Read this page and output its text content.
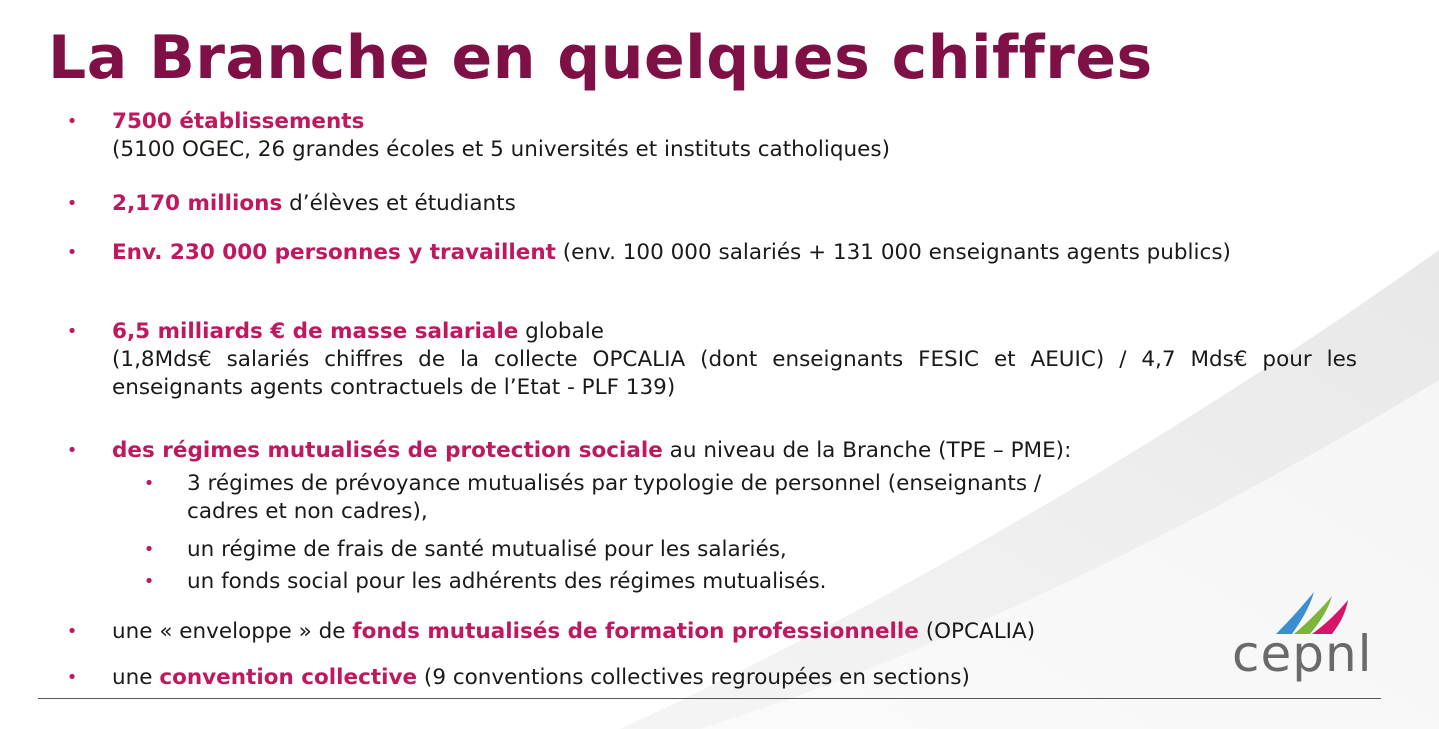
La Branche en quelques chiffres
• 7500 établissements
(5100 OGEC, 26 grandes écoles et 5 universités et instituts catholiques)
• 2,170 millions d’élèves et étudiants
• Env. 230 000 personnes y travaillent (env. 100 000 salariés + 131 000 enseignants agents publics)
• 6,5 milliards € de masse salariale globale
(1,8Mds€ salariés chiffres de la collecte OPCALIA (dont enseignants FESIC et AEUIC) / 4,7 Mds€ pour les enseignants agents contractuels de l’Etat - PLF 139)
• des régimes mutualisés de protection sociale au niveau de la Branche (TPE – PME):
• 3 régimes de prévoyance mutualisés par typologie de personnel (enseignants / cadres et non cadres),
• un régime de frais de santé mutualisé pour les salariés,
• un fonds social pour les adhérents des régimes mutualisés.
• une « enveloppe » de fonds mutualisés de formation professionnelle (OPCALIA)
• une convention collective (9 conventions collectives regroupées en sections)	cepnl
